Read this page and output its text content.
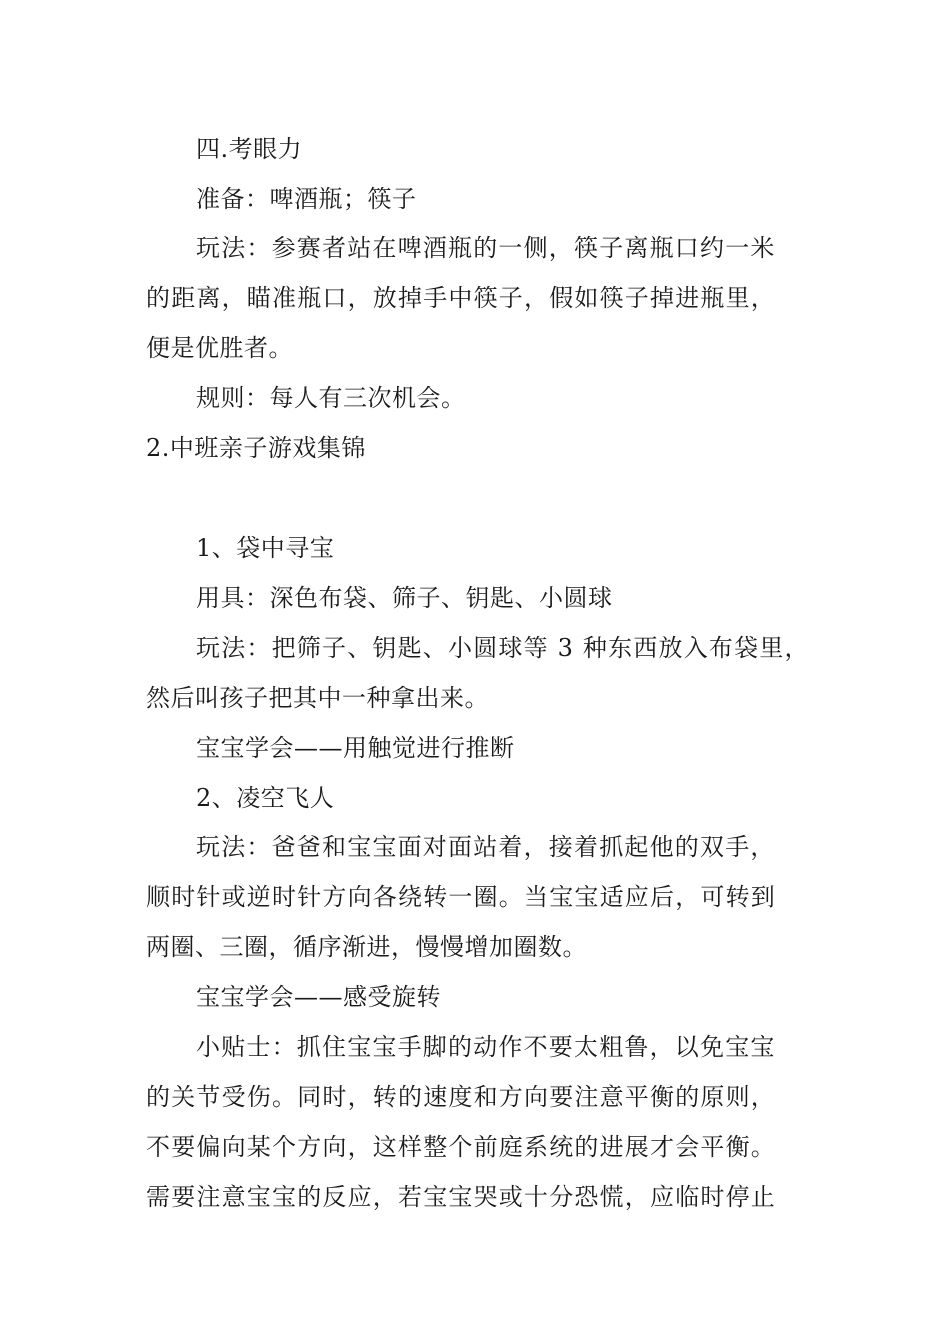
四.考眼力

准备：啤酒瓶；筷子

玩法：参赛者站在啤酒瓶的一侧，筷子离瓶口约一米

的距离，瞄准瓶口，放掉手中筷子，假如筷子掉进瓶里，

便是优胜者。

规则：每人有三次机会。

2.中班亲子游戏集锦

1、袋中寻宝

用具：深色布袋、筛子、钥匙、小圆球

玩法：把筛子、钥匙、小圆球等 3 种东西放入布袋里，

然后叫孩子把其中一种拿出来。

宝宝学会——用触觉进行推断

2、凌空飞人

玩法：爸爸和宝宝面对面站着，接着抓起他的双手，

顺时针或逆时针方向各绕转一圈。当宝宝适应后，可转到

两圈、三圈，循序渐进，慢慢增加圈数。

宝宝学会——感受旋转

小贴士：抓住宝宝手脚的动作不要太粗鲁，以免宝宝

的关节受伤。同时，转的速度和方向要注意平衡的原则，

不要偏向某个方向，这样整个前庭系统的进展才会平衡。

需要注意宝宝的反应，若宝宝哭或十分恐慌，应临时停止
